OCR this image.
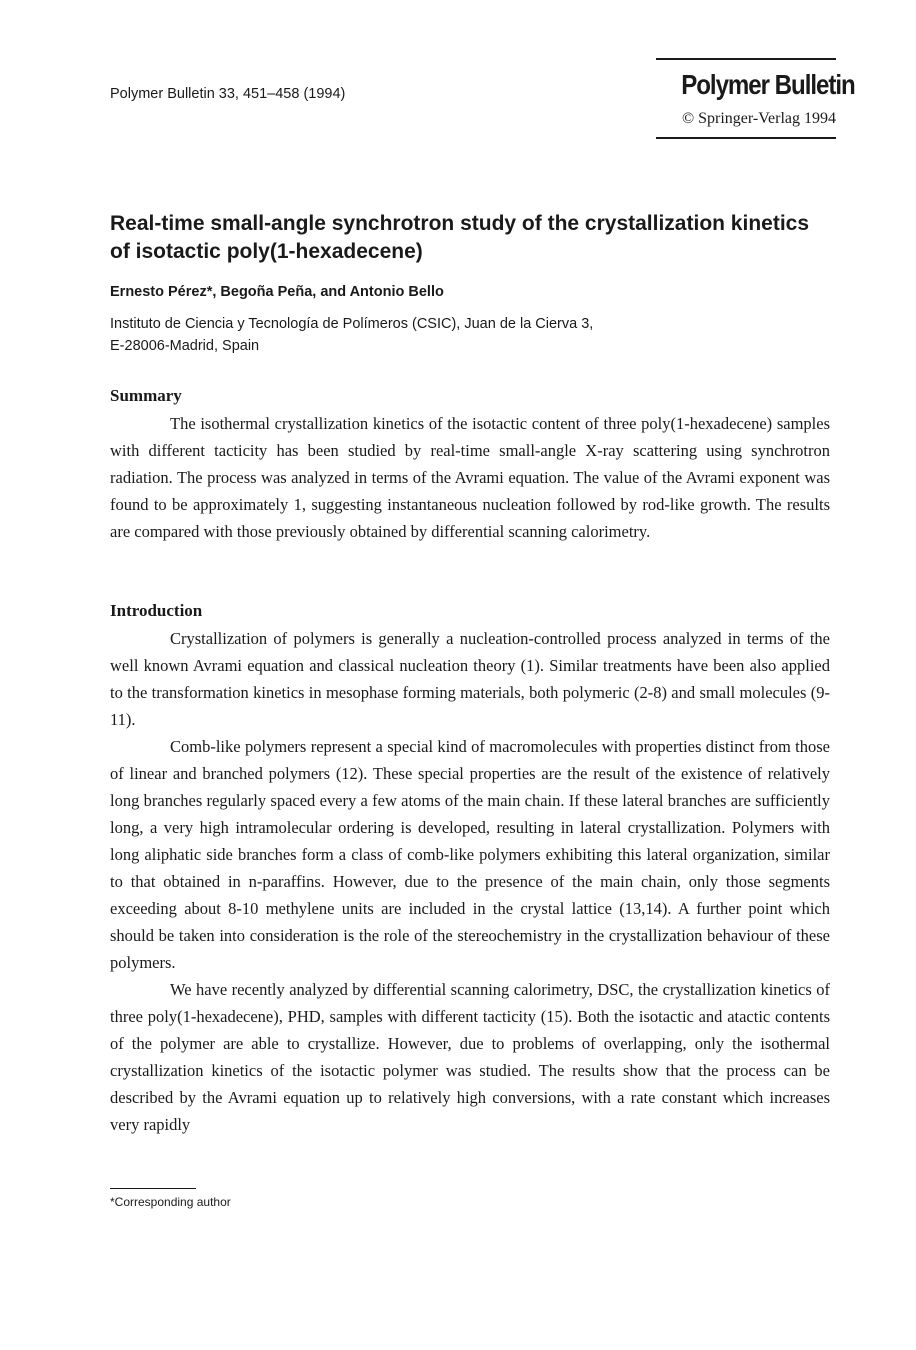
Polymer Bulletin 33, 451–458 (1994)	Polymer Bulletin
© Springer-Verlag 1994
Real-time small-angle synchrotron study of the crystallization kinetics of isotactic poly(1-hexadecene)
Ernesto Pérez*, Begoña Peña, and Antonio Bello
Instituto de Ciencia y Tecnología de Polímeros (CSIC), Juan de la Cierva 3,
E-28006-Madrid, Spain
Summary

The isothermal crystallization kinetics of the isotactic content of three poly(1-hexadecene) samples with different tacticity has been studied by real-time small-angle X-ray scattering using synchrotron radiation. The process was analyzed in terms of the Avrami equation. The value of the Avrami exponent was found to be approximately 1, suggesting instantaneous nucleation followed by rod-like growth. The results are compared with those previously obtained by differential scanning calorimetry.

Introduction

Crystallization of polymers is generally a nucleation-controlled process analyzed in terms of the well known Avrami equation and classical nucleation theory (1). Similar treatments have been also applied to the transformation kinetics in mesophase forming materials, both polymeric (2-8) and small molecules (9-11).

Comb-like polymers represent a special kind of macromolecules with properties distinct from those of linear and branched polymers (12). These special properties are the result of the existence of relatively long branches regularly spaced every a few atoms of the main chain. If these lateral branches are sufficiently long, a very high intramolecular ordering is developed, resulting in lateral crystallization. Polymers with long aliphatic side branches form a class of comb-like polymers exhibiting this lateral organization, similar to that obtained in n-paraffins. However, due to the presence of the main chain, only those segments exceeding about 8-10 methylene units are included in the crystal lattice (13,14). A further point which should be taken into consideration is the role of the stereochemistry in the crystallization behaviour of these polymers.

We have recently analyzed by differential scanning calorimetry, DSC, the crystallization kinetics of three poly(1-hexadecene), PHD, samples with different tacticity (15). Both the isotactic and atactic contents of the polymer are able to crystallize. However, due to problems of overlapping, only the isothermal crystallization kinetics of the isotactic polymer was studied. The results show that the process can be described by the Avrami equation up to relatively high conversions, with a rate constant which increases very rapidly

*Corresponding author
